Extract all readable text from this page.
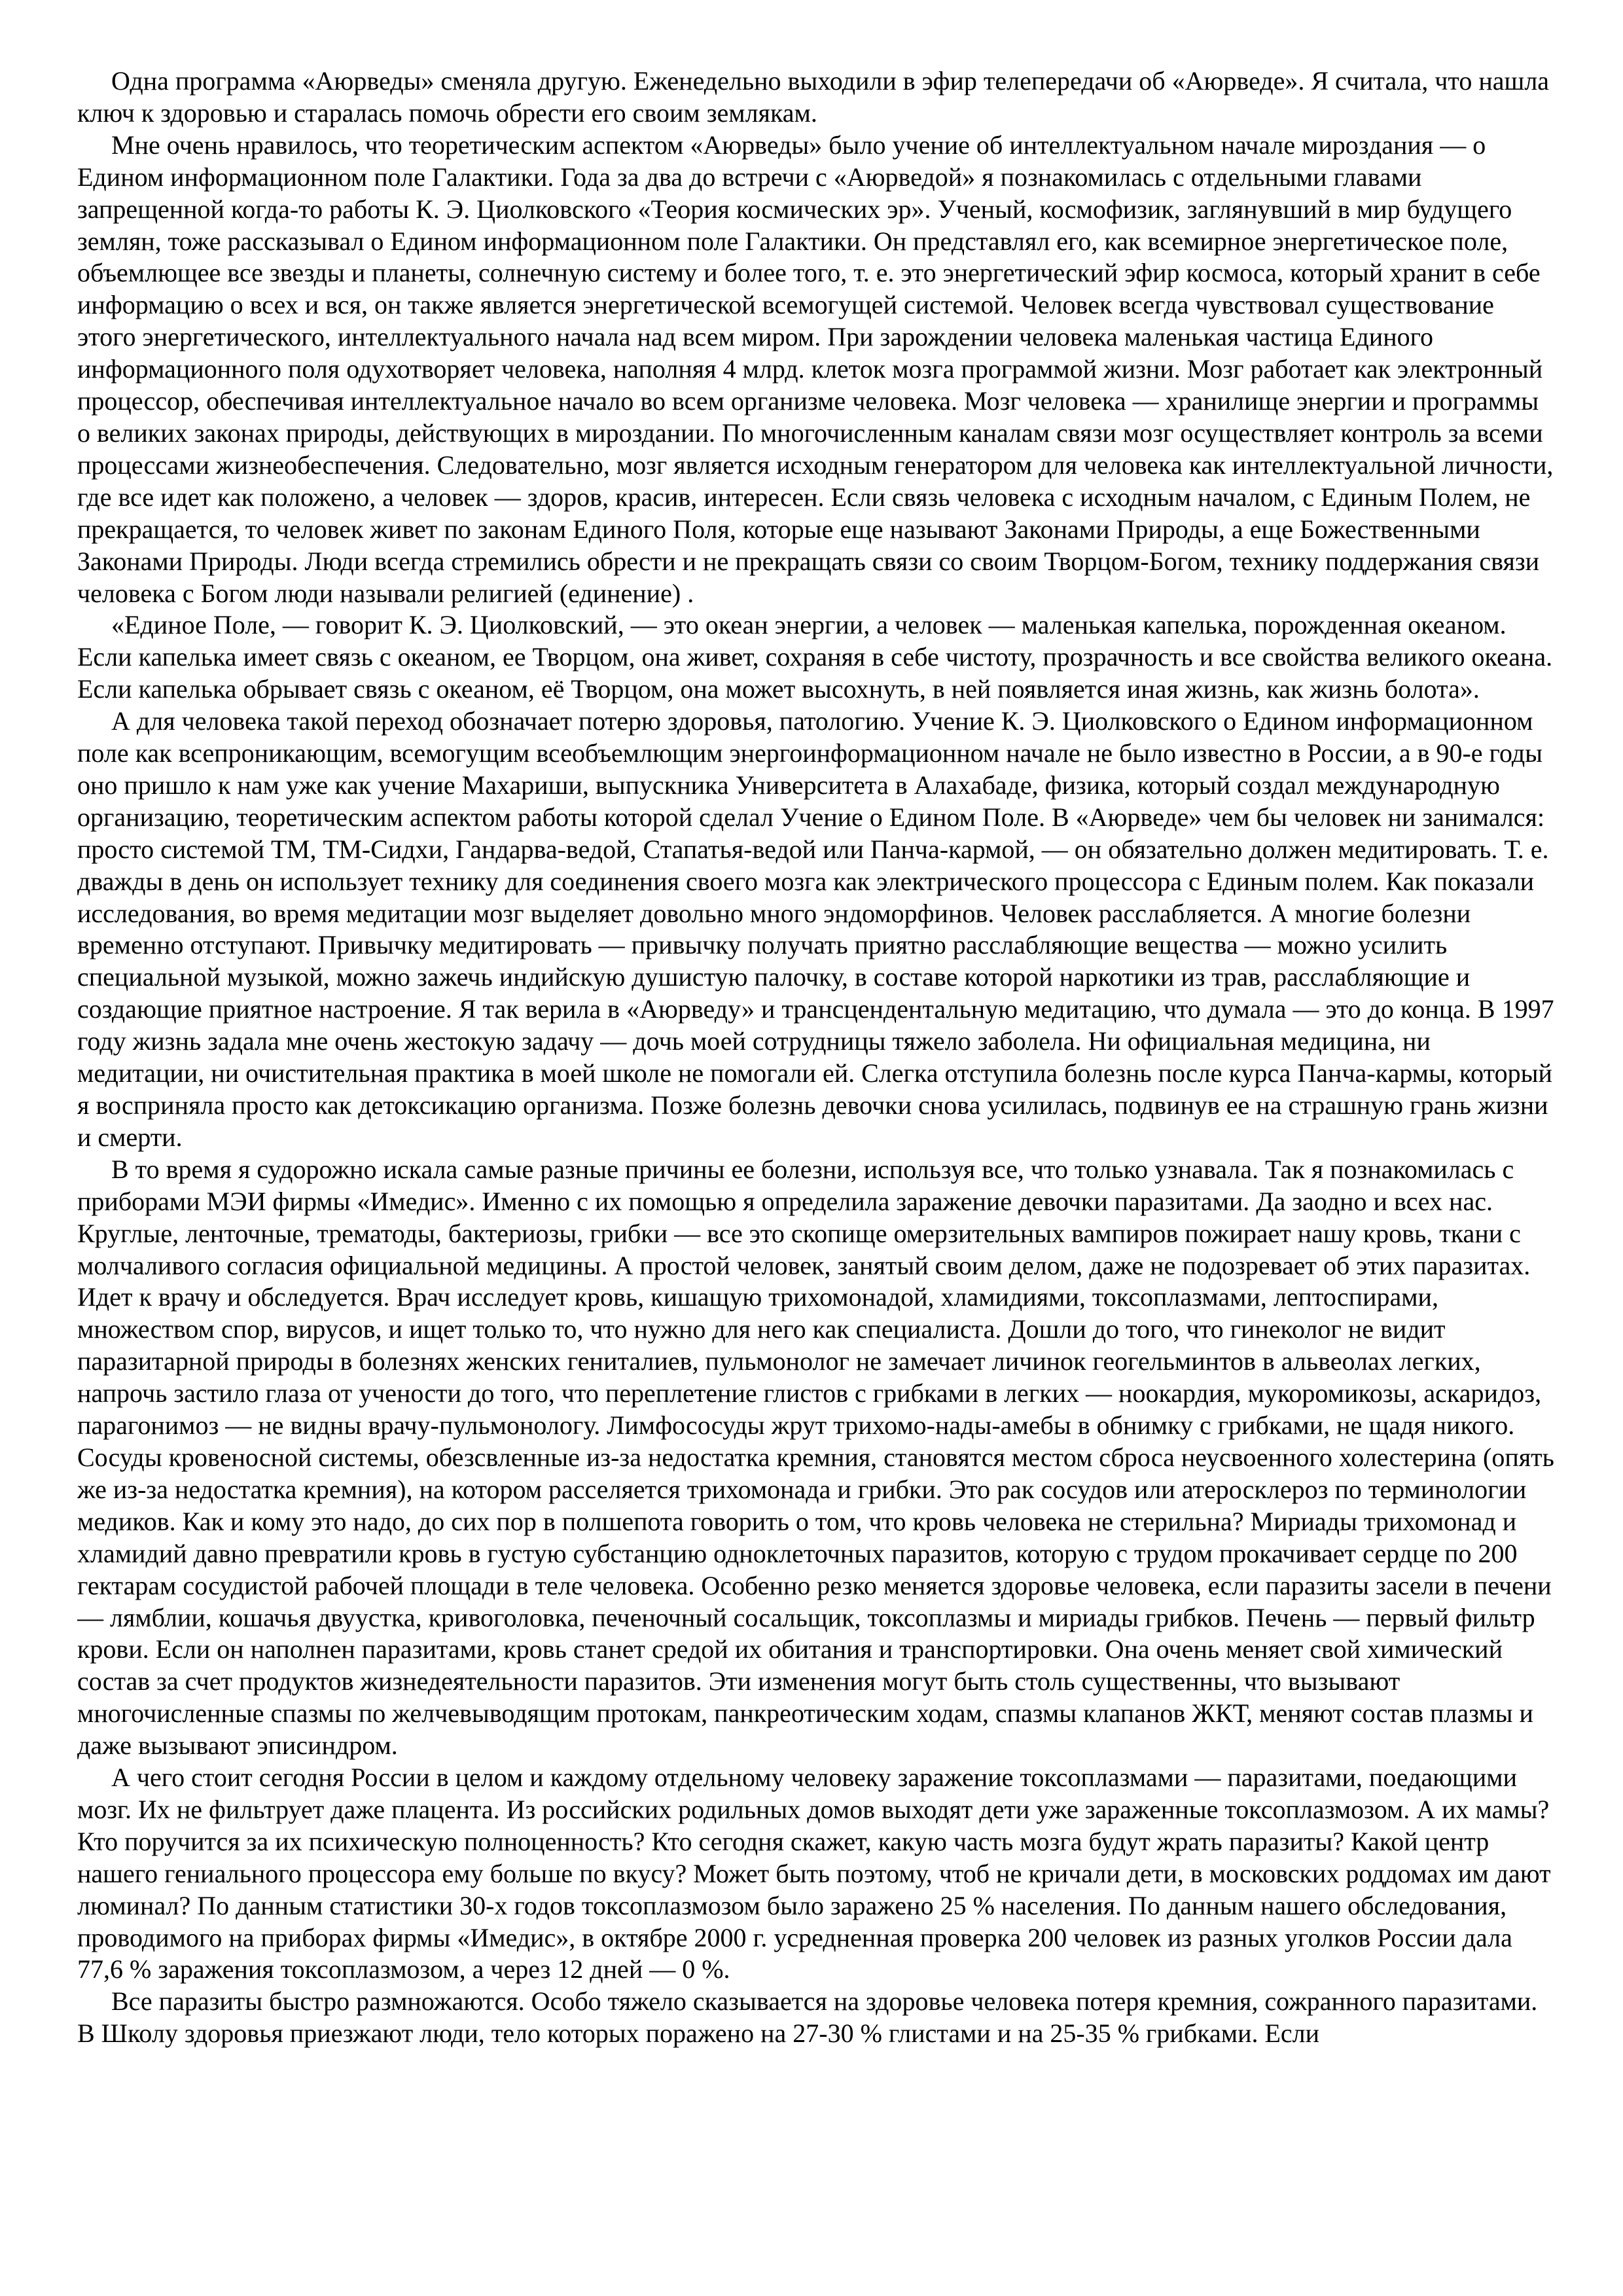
Одна программа «Аюрведы» сменяла другую. Еженедельно выходили в эфир телепередачи об «Аюрведе». Я считала, что нашла ключ к здоровью и старалась помочь обрести его своим землякам.

Мне очень нравилось, что теоретическим аспектом «Аюрведы» было учение об интеллектуальном начале мироздания — о Едином информационном поле Галактики. Года за два до встречи с «Аюрведой» я познакомилась с отдельными главами запрещенной когда-то работы К. Э. Циолковского «Теория космических эр». Ученый, космофизик, заглянувший в мир будущего землян, тоже рассказывал о Едином информационном поле Галактики. Он представлял его, как всемирное энергетическое поле, объемлющее все звезды и планеты, солнечную систему и более того, т. е. это энергетический эфир космоса, который хранит в себе информацию о всех и вся, он также является энергетической всемогущей системой. Человек всегда чувствовал существование этого энергетического, интеллектуального начала над всем миром. При зарождении человека маленькая частица Единого информационного поля одухотворяет человека, наполняя 4 млрд. клеток мозга программой жизни. Мозг работает как электронный процессор, обеспечивая интеллектуальное начало во всем организме человека. Мозг человека — хранилище энергии и программы о великих законах природы, действующих в мироздании. По многочисленным каналам связи мозг осуществляет контроль за всеми процессами жизнеобеспечения. Следовательно, мозг является исходным генератором для человека как интеллектуальной личности, где все идет как положено, а человек — здоров, красив, интересен. Если связь человека с исходным началом, с Единым Полем, не прекращается, то человек живет по законам Единого Поля, которые еще называют Законами Природы, а еще Божественными Законами Природы. Люди всегда стремились обрести и не прекращать связи со своим Творцом-Богом, технику поддержания связи человека с Богом люди называли религией (единение) .

«Единое Поле, — говорит К. Э. Циолковский, — это океан энергии, а человек — маленькая капелька, порожденная океаном. Если капелька имеет связь с океаном, ее Творцом, она живет, сохраняя в себе чистоту, прозрачность и все свойства великого океана. Если капелька обрывает связь с океаном, её Творцом, она может высохнуть, в ней появляется иная жизнь, как жизнь болота».

А для человека такой переход обозначает потерю здоровья, патологию. Учение К. Э. Циолковского о Едином информационном поле как всепроникающим, всемогущим всеобъемлющим энергоинформационном начале не было известно в России, а в 90-е годы оно пришло к нам уже как учение Махариши, выпускника Университета в Алахабаде, физика, который создал международную организацию, теоретическим аспектом работы которой сделал Учение о Едином Поле. В «Аюрведе» чем бы человек ни занимался: просто системой ТМ, ТМ-Сидхи, Гандарва-ведой, Стапатья-ведой или Панча-кармой, — он обязательно должен медитировать. Т. е. дважды в день он использует технику для соединения своего мозга как электрического процессора с Единым полем. Как показали исследования, во время медитации мозг выделяет довольно много эндоморфинов. Человек расслабляется. А многие болезни временно отступают. Привычку медитировать — привычку получать приятно расслабляющие вещества — можно усилить специальной музыкой, можно зажечь индийскую душистую палочку, в составе которой наркотики из трав, расслабляющие и создающие приятное настроение. Я так верила в «Аюрведу» и трансцендентальную медитацию, что думала — это до конца. В 1997 году жизнь задала мне очень жестокую задачу — дочь моей сотрудницы тяжело заболела. Ни официальная медицина, ни медитации, ни очистительная практика в моей школе не помогали ей. Слегка отступила болезнь после курса Панча-кармы, который я восприняла просто как детоксикацию организма. Позже болезнь девочки снова усилилась, подвинув ее на страшную грань жизни и смерти.

В то время я судорожно искала самые разные причины ее болезни, используя все, что только узнавала. Так я познакомилась с приборами МЭИ фирмы «Имедис». Именно с их помощью я определила заражение девочки паразитами. Да заодно и всех нас. Круглые, ленточные, трематоды, бактериозы, грибки — все это скопище омерзительных вампиров пожирает нашу кровь, ткани с молчаливого согласия официальной медицины. А простой человек, занятый своим делом, даже не подозревает об этих паразитах. Идет к врачу и обследуется. Врач исследует кровь, кишащую трихомонадой, хламидиями, токсоплазмами, лептоспирами, множеством спор, вирусов, и ищет только то, что нужно для него как специалиста. Дошли до того, что гинеколог не видит паразитарной природы в болезнях женских гениталиев, пульмонолог не замечает личинок геогельминтов в альвеолах легких, напрочь застило глаза от учености до того, что переплетение глистов с грибками в легких — ноокардия, мукоромикозы, аскаридоз, парагонимоз — не видны врачу-пульмонологу. Лимфососуды жрут трихомо-нады-амебы в обнимку с грибками, не щадя никого. Сосуды кровеносной системы, обезсвленные из-за недостатка кремния, становятся местом сброса неусвоенного холестерина (опять же из-за недостатка кремния), на котором расселяется трихомонада и грибки. Это рак сосудов или атеросклероз по терминологии медиков. Как и кому это надо, до сих пор в полшепота говорить о том, что кровь человека не стерильна? Мириады трихомонад и хламидий давно превратили кровь в густую субстанцию одноклеточных паразитов, которую с трудом прокачивает сердце по 200 гектарам сосудистой рабочей площади в теле человека. Особенно резко меняется здоровье человека, если паразиты засели в печени — лямблии, кошачья двуустка, кривоголовка, печеночный сосальщик, токсоплазмы и мириады грибков. Печень — первый фильтр крови. Если он наполнен паразитами, кровь станет средой их обитания и транспортировки. Она очень меняет свой химический состав за счет продуктов жизнедеятельности паразитов. Эти изменения могут быть столь существенны, что вызывают многочисленные спазмы по желчевыводящим протокам, панкреотическим ходам, спазмы клапанов ЖКТ, меняют состав плазмы и даже вызывают эписиндром.

А чего стоит сегодня России в целом и каждому отдельному человеку заражение токсоплазмами — паразитами, поедающими мозг. Их не фильтрует даже плацента. Из российских родильных домов выходят дети уже зараженные токсоплазмозом. А их мамы? Кто поручится за их психическую полноценность? Кто сегодня скажет, какую часть мозга будут жрать паразиты? Какой центр нашего гениального процессора ему больше по вкусу? Может быть поэтому, чтоб не кричали дети, в московских роддомах им дают люминал? По данным статистики 30-х годов токсоплазмозом было заражено 25 % населения. По данным нашего обследования, проводимого на приборах фирмы «Имедис», в октябре 2000 г. усредненная проверка 200 человек из разных уголков России дала 77,6 % заражения токсоплазмозом, а через 12 дней — 0 %.

Все паразиты быстро размножаются. Особо тяжело сказывается на здоровье человека потеря кремния, сожранного паразитами. В Школу здоровья приезжают люди, тело которых поражено на 27-30 % глистами и на 25-35 % грибками. Если
